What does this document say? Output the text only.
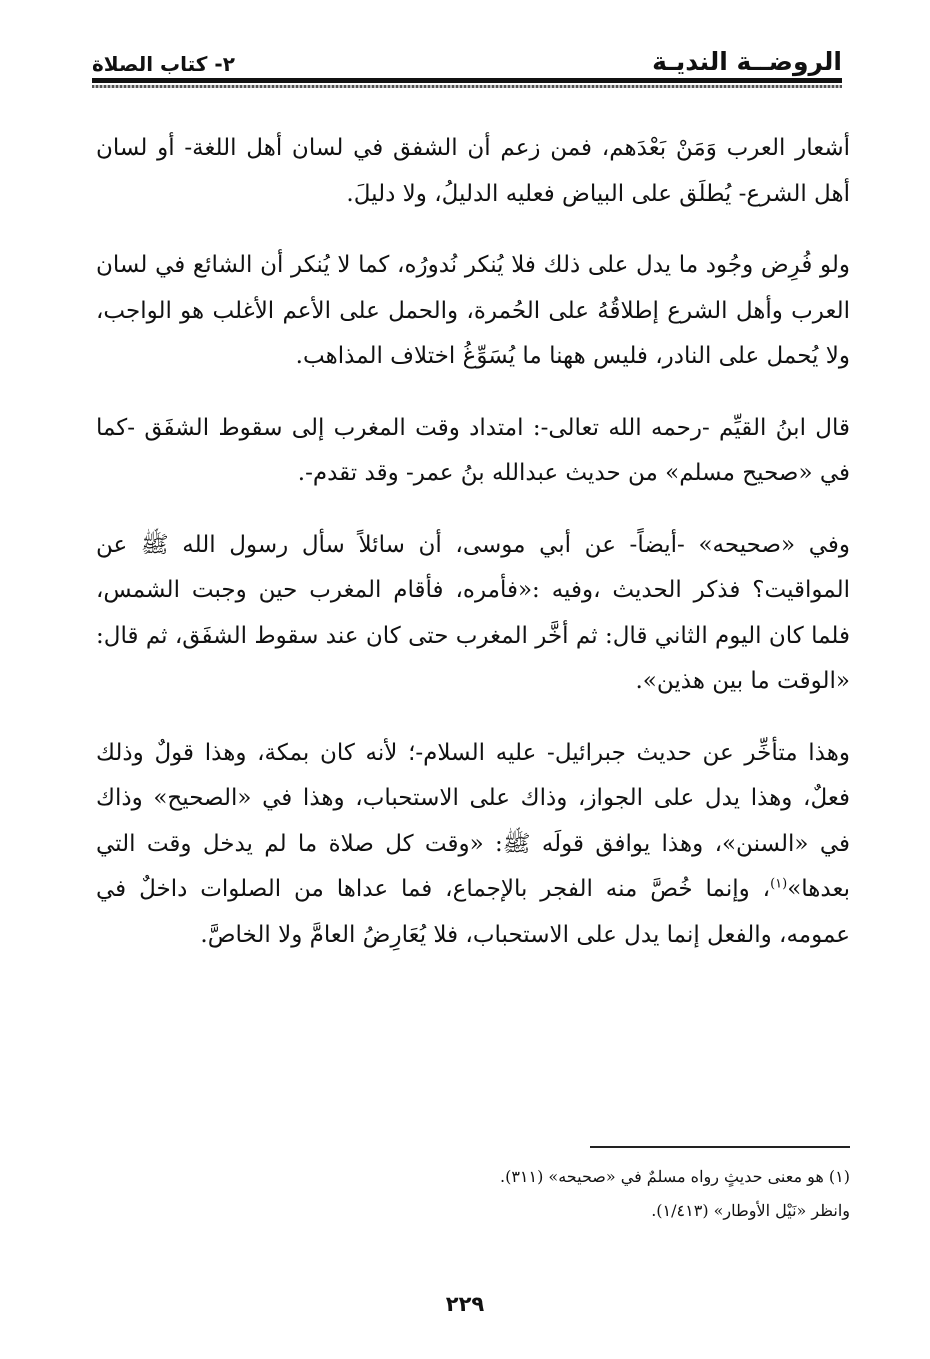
الروضــة النديـة
٢- كتاب الصلاة

أشعار العرب وَمَنْ بَعْدَهم، فمن زعم أن الشفق في لسان أهل اللغة- أو لسان أهل الشرع- يُطلَق على البياض فعليه الدليلُ، ولا دليلَ.

ولو فُرِض وجُود ما يدل على ذلك فلا يُنكر نُدورُه، كما لا يُنكر أن الشائع في لسان العرب وأهل الشرع إطلاقُهُ على الحُمرة، والحمل على الأعم الأغلب هو الواجب، ولا يُحمل على النادر، فليس ههنا ما يُسَوِّغُ اختلاف المذاهب.

قال ابنُ القيِّم -رحمه الله تعالى-: امتداد وقت المغرب إلى سقوط الشفَق -كما في «صحيح مسلم» من حديث عبدالله بنُ عمر- وقد تقدم-.

وفي «صحيحه» -أيضاً- عن أبي موسى، أن سائلاً سأل رسول الله ﷺ عن المواقيت؟ فذكر الحديث ،وفيه :«فأمره، فأقام المغرب حين وجبت الشمس، فلما كان اليوم الثاني قال: ثم أخَّر المغرب حتى كان عند سقوط الشفَق، ثم قال: «الوقت ما بين هذين».

وهذا متأخِّر عن حديث جبرائيل- عليه السلام-؛ لأنه كان بمكة، وهذا قولٌ وذلك فعلٌ، وهذا يدل على الجواز، وذاك على الاستحباب، وهذا في «الصحيح» وذاك في «السنن»، وهذا يوافق قولَه ﷺ: «وقت كل صلاة ما لم يدخل وقت التي بعدها»$^{(١)}$، وإنما خُصَّ منه الفجر بالإجماع، فما عداها من الصلوات داخلٌ في عمومه، والفعل إنما يدل على الاستحباب، فلا يُعَارِضُ العامَّ ولا الخاصَّ.

(١) هو معنى حديثٍ رواه مسلمٌ في «صحيحه» (٣١١).
وانظر «نَيْل الأوطار» (١/٤١٣).
٢٢٩
